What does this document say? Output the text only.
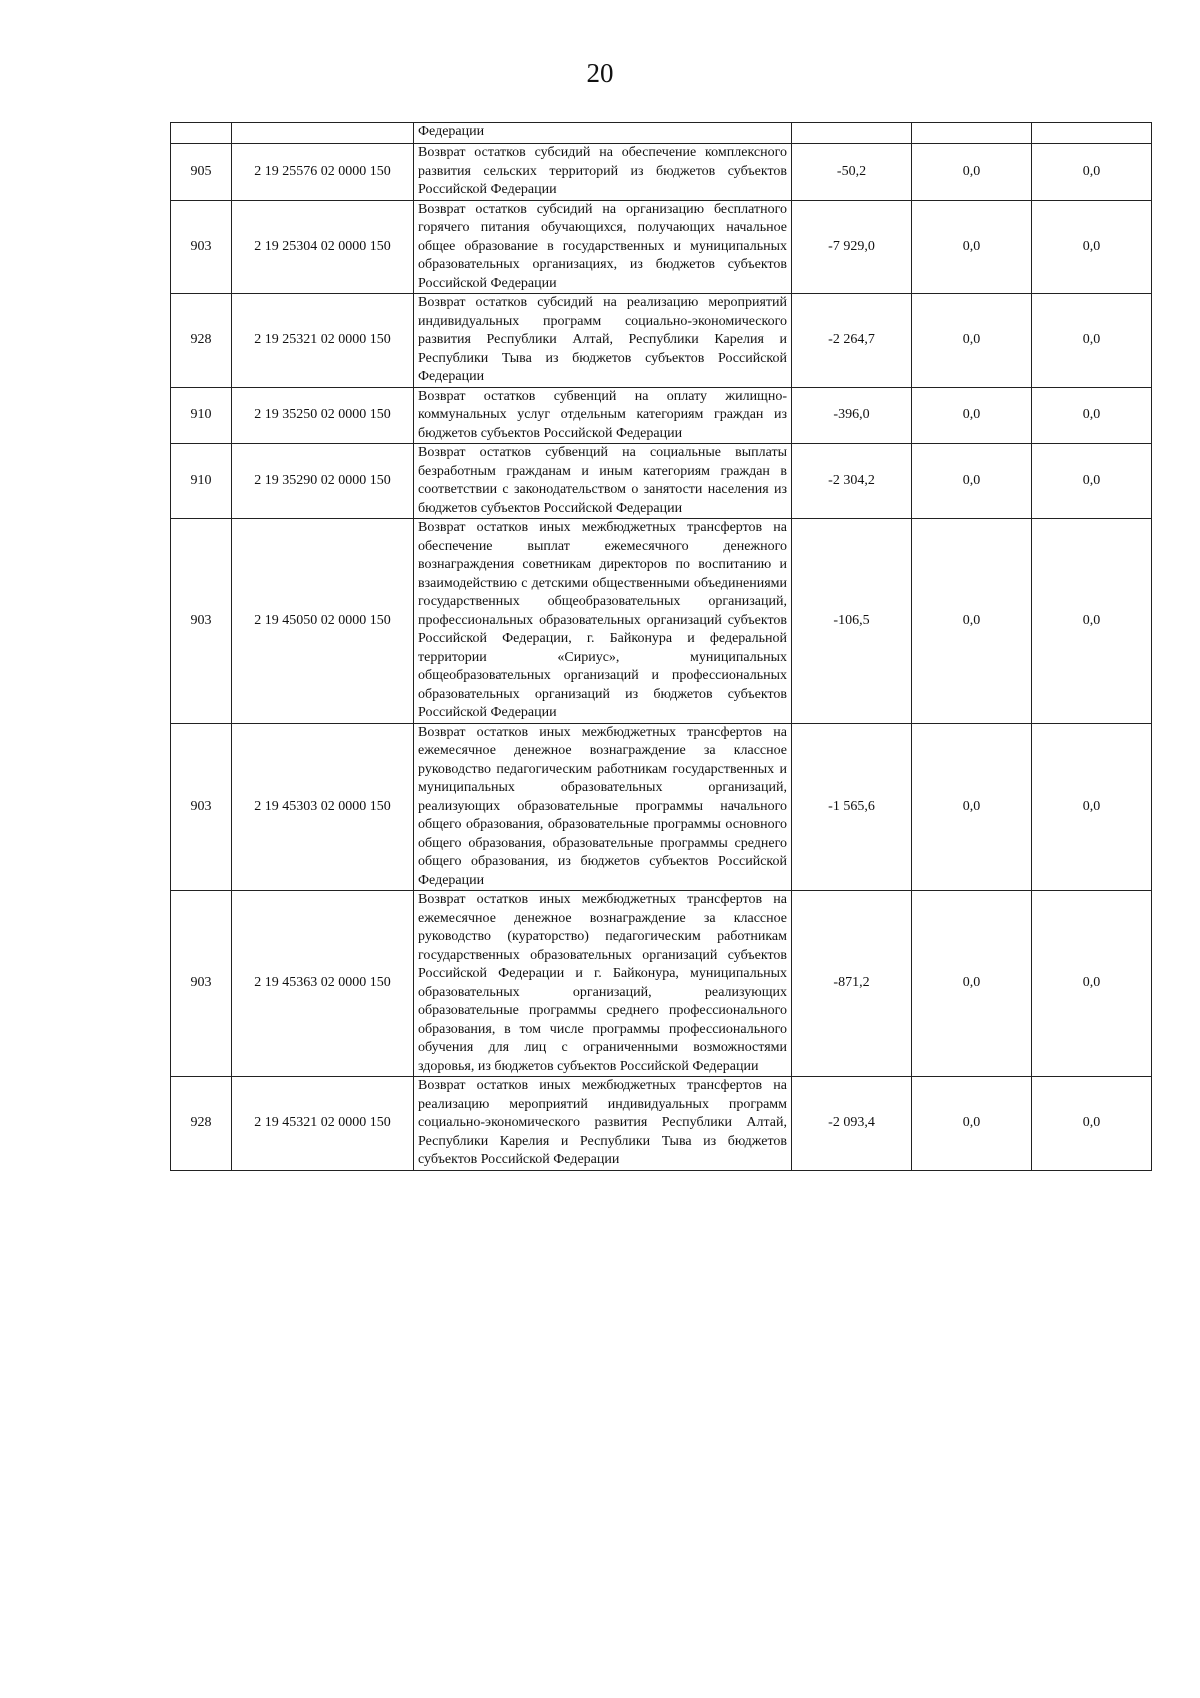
20
		Федерации			
905	2 19 25576 02 0000 150	Возврат остатков субсидий на обеспечение комплексного развития сельских территорий из бюджетов субъектов Российской Федерации	-50,2	0,0	0,0
903	2 19 25304 02 0000 150	Возврат остатков субсидий на организацию бесплатного горячего питания обучающихся, получающих начальное общее образование в государственных и муниципальных образовательных организациях, из бюджетов субъектов Российской Федерации	-7 929,0	0,0	0,0
928	2 19 25321 02 0000 150	Возврат остатков субсидий на реализацию мероприятий индивидуальных программ социально-экономического развития Республики Алтай, Республики Карелия и Республики Тыва из бюджетов субъектов Российской Федерации	-2 264,7	0,0	0,0
910	2 19 35250 02 0000 150	Возврат остатков субвенций на оплату жилищно-коммунальных услуг отдельным категориям граждан из бюджетов субъектов Российской Федерации	-396,0	0,0	0,0
910	2 19 35290 02 0000 150	Возврат остатков субвенций на социальные выплаты безработным гражданам и иным категориям граждан в соответствии с законодательством о занятости населения из бюджетов субъектов Российской Федерации	-2 304,2	0,0	0,0
903	2 19 45050 02 0000 150	Возврат остатков иных межбюджетных трансфертов на обеспечение выплат ежемесячного денежного вознаграждения советникам директоров по воспитанию и взаимодействию с детскими общественными объединениями государственных общеобразовательных организаций, профессиональных образовательных организаций субъектов Российской Федерации, г. Байконура и федеральной территории «Сириус», муниципальных общеобразовательных организаций и профессиональных образовательных организаций из бюджетов субъектов Российской Федерации	-106,5	0,0	0,0
903	2 19 45303 02 0000 150	Возврат остатков иных межбюджетных трансфертов на ежемесячное денежное вознаграждение за классное руководство педагогическим работникам государственных и муниципальных образовательных организаций, реализующих образовательные программы начального общего образования, образовательные программы основного общего образования, образовательные программы среднего общего образования, из бюджетов субъектов Российской Федерации	-1 565,6	0,0	0,0
903	2 19 45363 02 0000 150	Возврат остатков иных межбюджетных трансфертов на ежемесячное денежное вознаграждение за классное руководство (кураторство) педагогическим работникам государственных образовательных организаций субъектов Российской Федерации и г. Байконура, муниципальных образовательных организаций, реализующих образовательные программы среднего профессионального образования, в том числе программы профессионального обучения для лиц с ограниченными возможностями здоровья, из бюджетов субъектов Российской Федерации	-871,2	0,0	0,0
928	2 19 45321 02 0000 150	Возврат остатков иных межбюджетных трансфертов на реализацию мероприятий индивидуальных программ социально-экономического развития Республики Алтай, Республики Карелия и Республики Тыва из бюджетов субъектов Российской Федерации	-2 093,4	0,0	0,0
